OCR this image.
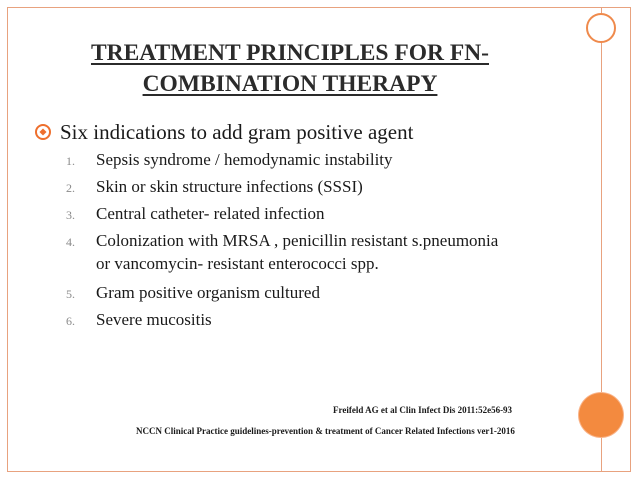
TREATMENT PRINCIPLES FOR FN-
COMBINATION THERAPY
Six indications to add gram positive agent
1.	Sepsis syndrome / hemodynamic instability
2.	Skin or skin structure infections (SSSI)
3.	Central catheter- related infection
4.	Colonization with MRSA , penicillin resistant s.pneumonia
or vancomycin- resistant enterococci spp.
5.	Gram positive organism cultured
6.	Severe mucositis
Freifeld AG et al Clin Infect Dis 2011:52e56-93
NCCN Clinical Practice guidelines-prevention & treatment of Cancer Related Infections ver1-2016
